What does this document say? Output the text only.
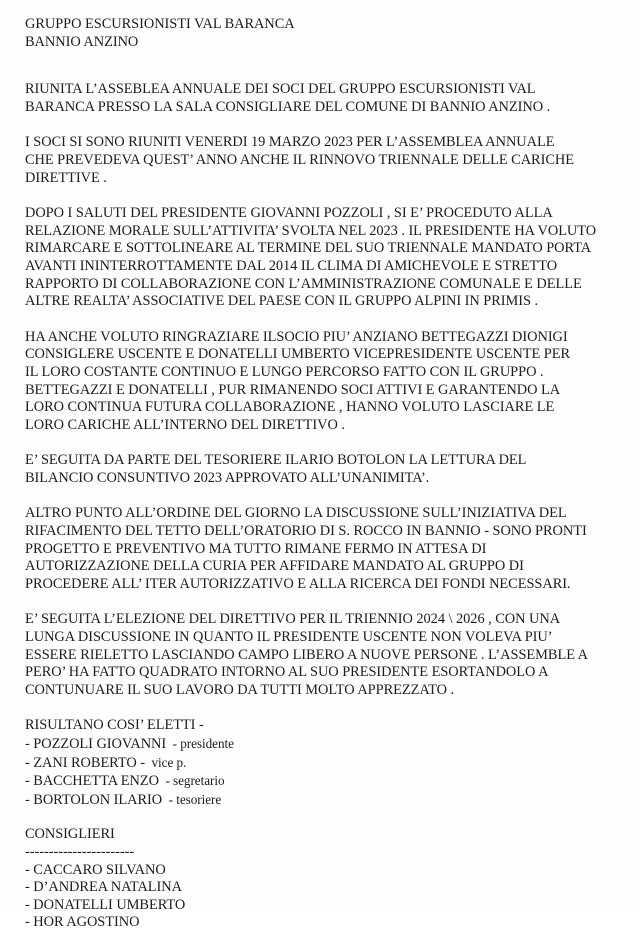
GRUPPO ESCURSIONISTI VAL BARANCA
BANNIO ANZINO
RIUNITA L’ASSEBLEA ANNUALE DEI SOCI DEL GRUPPO ESCURSIONISTI VAL
BARANCA PRESSO LA SALA CONSIGLIARE DEL COMUNE DI BANNIO ANZINO .
I SOCI SI SONO RIUNITI VENERDI 19 MARZO 2023 PER L’ASSEMBLEA ANNUALE
CHE PREVEDEVA QUEST’ ANNO ANCHE IL RINNOVO TRIENNALE DELLE CARICHE
DIRETTIVE .
DOPO I SALUTI DEL PRESIDENTE GIOVANNI POZZOLI , SI E’ PROCEDUTO ALLA
RELAZIONE MORALE SULL’ATTIVITA’ SVOLTA NEL 2023 . IL PRESIDENTE HA VOLUTO
RIMARCARE E SOTTOLINEARE AL TERMINE DEL SUO TRIENNALE MANDATO PORTA
AVANTI ININTERROTTAMENTE DAL 2014 IL CLIMA DI AMICHEVOLE E STRETTO
RAPPORTO DI COLLABORAZIONE CON L’AMMINISTRAZIONE COMUNALE E DELLE
ALTRE REALTA’ ASSOCIATIVE DEL PAESE CON IL GRUPPO ALPINI IN PRIMIS .
HA ANCHE VOLUTO RINGRAZIARE ILSOCIO PIU’ ANZIANO BETTEGAZZI DIONIGI
CONSIGLERE USCENTE E DONATELLI UMBERTO VICEPRESIDENTE USCENTE PER
IL LORO COSTANTE CONTINUO E LUNGO PERCORSO FATTO CON IL GRUPPO .
BETTEGAZZI E DONATELLI , PUR RIMANENDO SOCI ATTIVI E GARANTENDO LA
LORO CONTINUA FUTURA COLLABORAZIONE , HANNO VOLUTO LASCIARE LE
LORO CARICHE ALL’INTERNO DEL DIRETTIVO .
E’ SEGUITA DA PARTE DEL TESORIERE ILARIO BOTOLON LA LETTURA DEL
BILANCIO CONSUNTIVO 2023 APPROVATO ALL’UNANIMITA’.
ALTRO PUNTO ALL’ORDINE DEL GIORNO LA DISCUSSIONE SULL’INIZIATIVA DEL
RIFACIMENTO DEL TETTO DELL’ORATORIO DI S. ROCCO IN BANNIO - SONO PRONTI
PROGETTO E PREVENTIVO MA TUTTO RIMANE FERMO IN ATTESA DI
AUTORIZZAZIONE DELLA CURIA PER AFFIDARE MANDATO AL GRUPPO DI
PROCEDERE ALL’ ITER AUTORIZZATIVO E ALLA RICERCA DEI FONDI NECESSARI.
E’ SEGUITA L’ELEZIONE DEL DIRETTIVO PER IL TRIENNIO 2024 \ 2026 , CON UNA
LUNGA DISCUSSIONE IN QUANTO IL PRESIDENTE USCENTE NON VOLEVA PIU’
ESSERE RIELETTO LASCIANDO CAMPO LIBERO A NUOVE PERSONE . L’ASSEMBLE A
PERO’ HA FATTO QUADRATO INTORNO AL SUO PRESIDENTE ESORTANDOLO A
CONTUNUARE IL SUO LAVORO DA TUTTI MOLTO APPREZZATO .
RISULTANO COSI’ ELETTI -
- POZZOLI GIOVANNI  - presidente
- ZANI ROBERTO -  vice p.
- BACCHETTA ENZO  - segretario
- BORTOLON ILARIO  - tesoriere
CONSIGLIERI
-----------------------
- CACCARO SILVANO
- D’ANDREA NATALINA
- DONATELLI UMBERTO
- HOR AGOSTINO
